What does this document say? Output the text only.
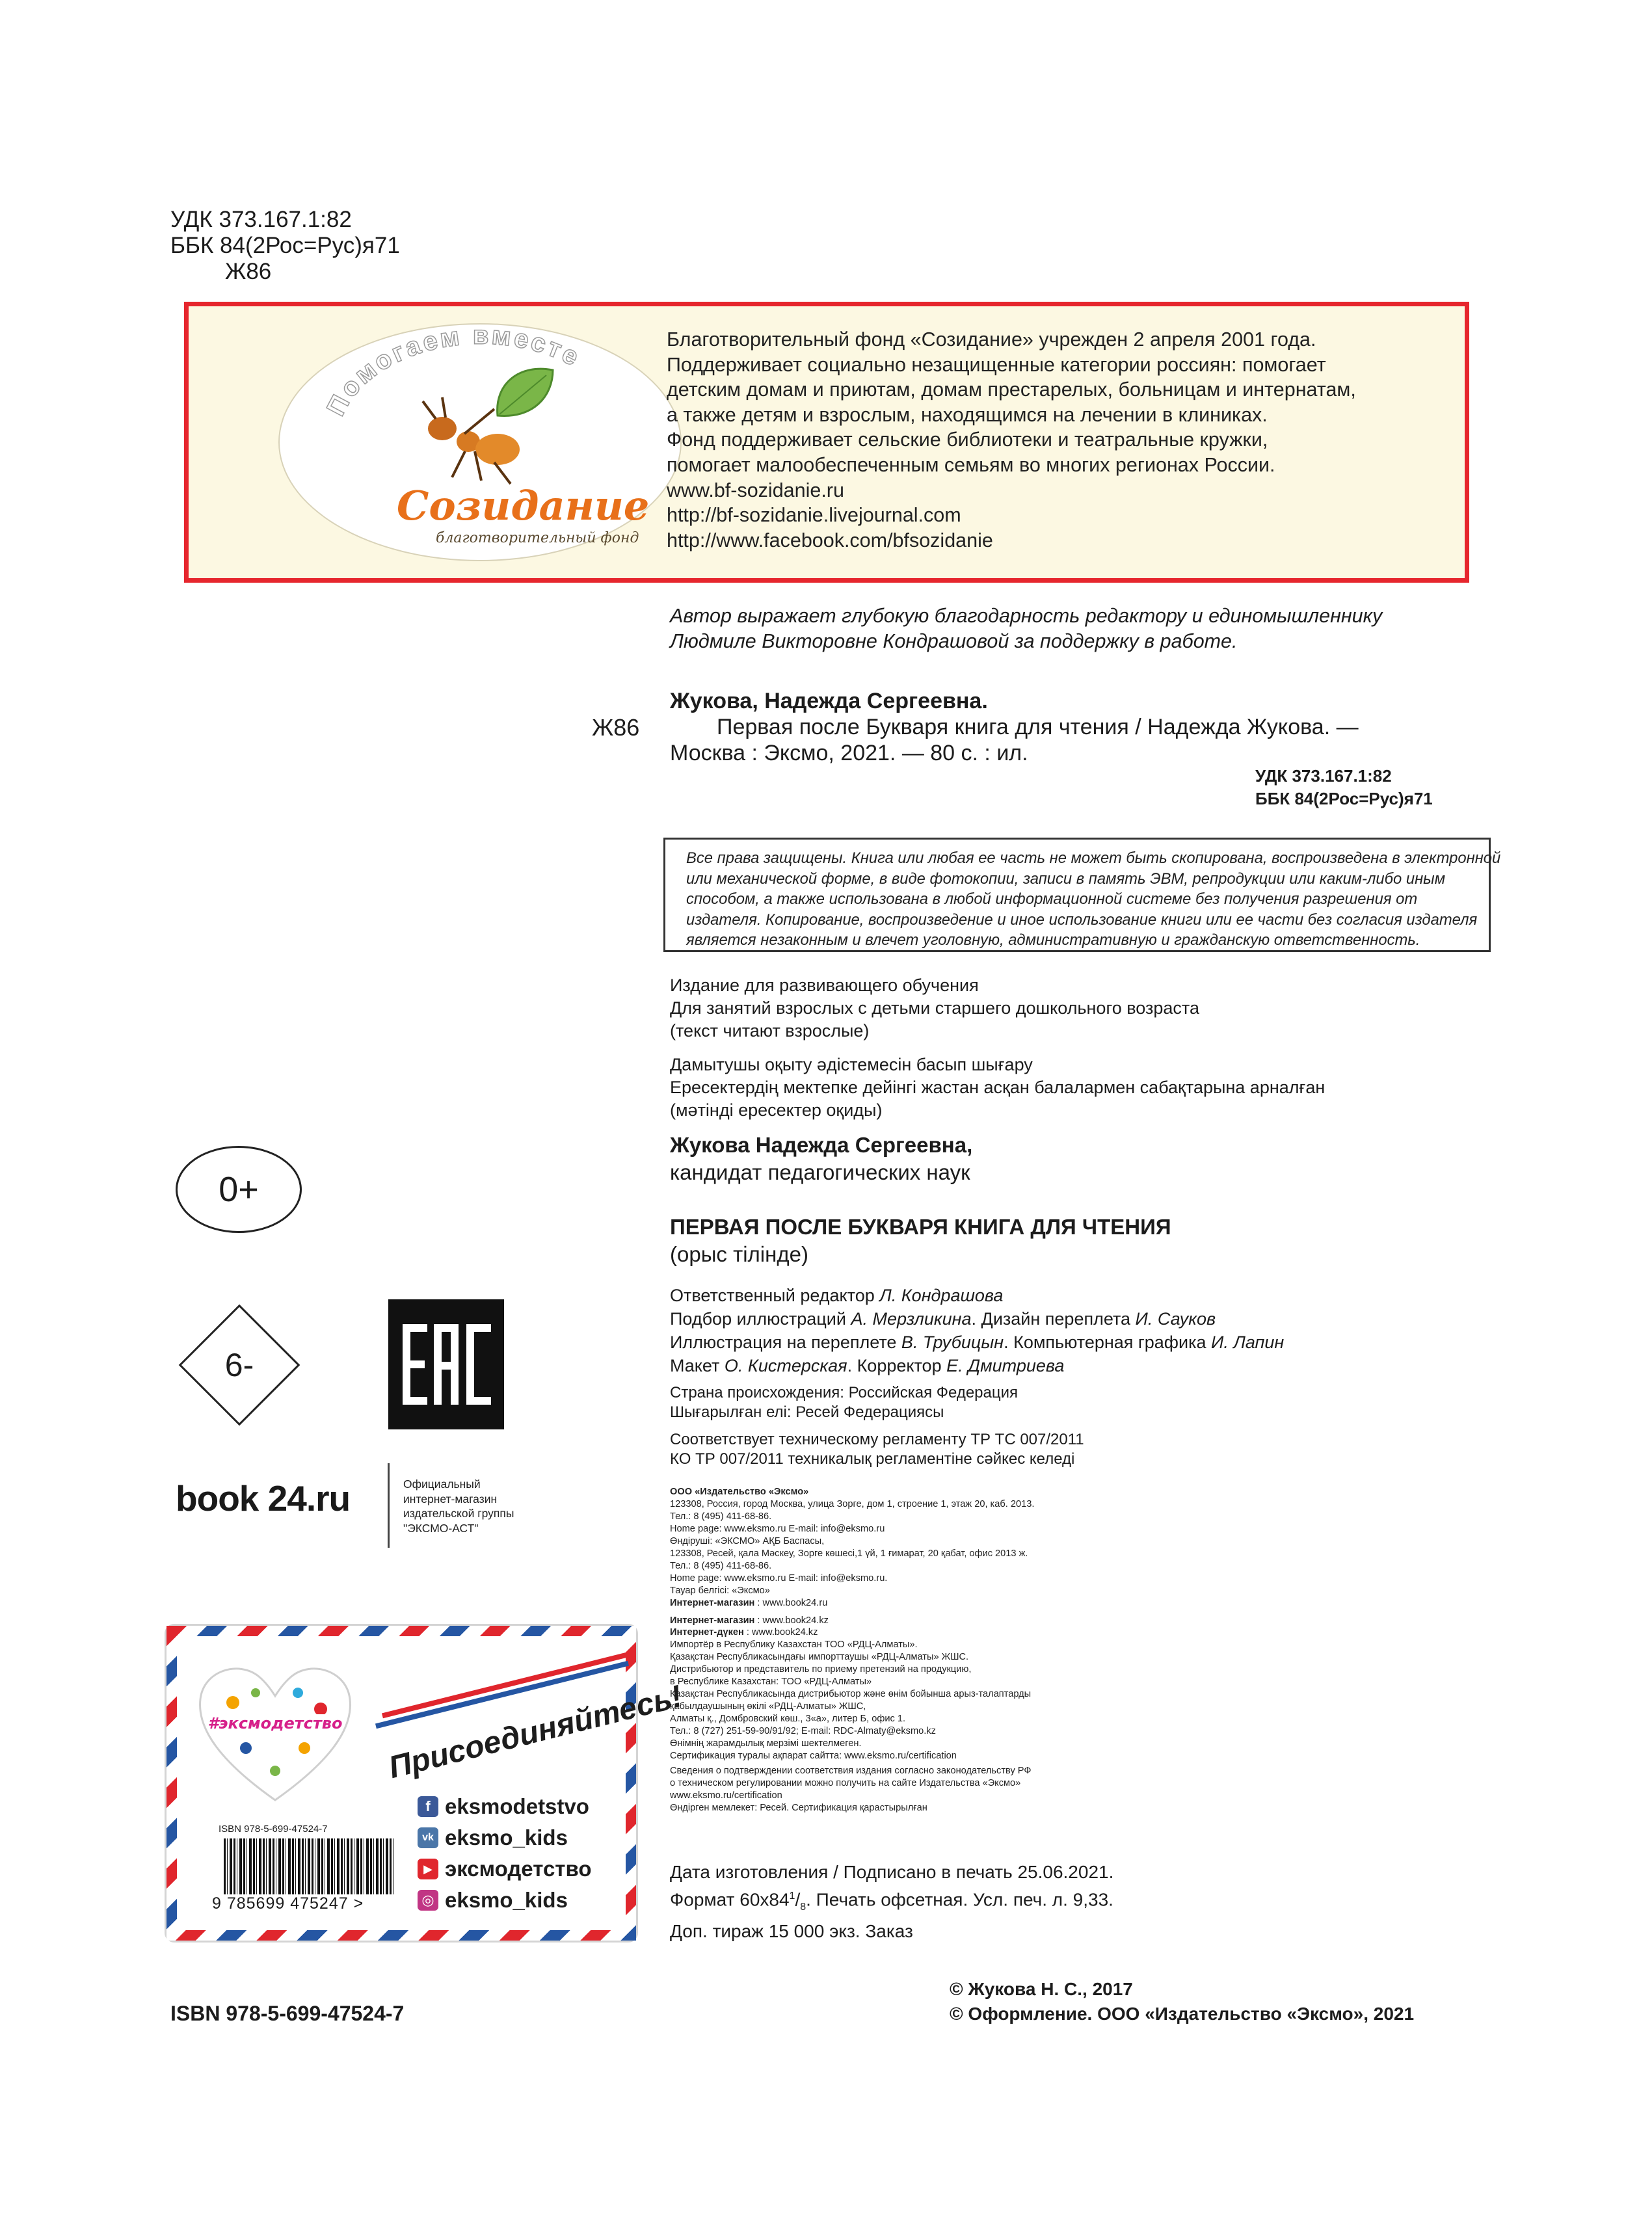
УДК 373.167.1:82
ББК 84(2Рос=Рус)я71
Ж86
Помогаем вместе
Созидание
благотворительный фонд
Благотворительный фонд «Созидание» учрежден 2 апреля 2001 года.
Поддерживает социально незащищенные категории россиян: помогает
детским домам и приютам, домам престарелых, больницам и интернатам,
а также детям и взрослым, находящимся на лечении в клиниках.
Фонд поддерживает сельские библиотеки и театральные кружки,
помогает малообеспеченным семьям во многих регионах России.
www.bf-sozidanie.ru
http://bf-sozidanie.livejournal.com
http://www.facebook.com/bfsozidanie
Автор выражает глубокую благодарность редактору и единомышленнику
Людмиле Викторовне Кондрашовой за поддержку в работе.
Ж86
Жукова, Надежда Сергеевна.
Первая после Букваря книга для чтения / Надежда Жукова. —
Москва : Эксмо, 2021. — 80 с. : ил.
УДК 373.167.1:82
ББК 84(2Рос=Рус)я71
Все права защищены. Книга или любая ее часть не может быть скопирована, воспроизведена в электронной
или механической форме, в виде фотокопии, записи в память ЭВМ, репродукции или каким-либо иным
способом, а также использована в любой информационной системе без получения разрешения от
издателя. Копирование, воспроизведение и иное использование книги или ее части без согласия издателя
является незаконным и влечет уголовную, административную и гражданскую ответственность.
Издание для развивающего обучения
Для занятий взрослых с детьми старшего дошкольного возраста
(текст читают взрослые)
Дамытушы оқыту әдістемесін басып шығару
Ересектердің мектепке дейінгі жастан асқан балалармен сабақтарына арналған
(мәтінді ересектер оқиды)
Жукова Надежда Сергеевна,
кандидат педагогических наук
ПЕРВАЯ ПОСЛЕ БУКВАРЯ КНИГА ДЛЯ ЧТЕНИЯ
(орыс тілінде)
Ответственный редактор Л. Кондрашова
Подбор иллюстраций А. Мерзликина. Дизайн переплета И. Сауков
Иллюстрация на переплете В. Трубицын. Компьютерная графика И. Лапин
Макет О. Кистерская. Корректор Е. Дмитриева
Страна происхождения: Российская Федерация
Шығарылған елі: Ресей Федерациясы
Соответствует техническому регламенту ТР ТС 007/2011
КО ТР 007/2011 техникалық регламентіне сәйкес келеді
ООО «Издательство «Эксмо»
123308, Россия, город Москва, улица Зорге, дом 1, строение 1, этаж 20, каб. 2013.
Тел.: 8 (495) 411-68-86.
Home page: www.eksmo.ru E-mail: info@eksmo.ru
Өндіруші: «ЭКСМО» АҚБ Баспасы,
123308, Ресей, қала Мәскеу, Зорге көшесі,1 үй, 1 ғимарат, 20 қабат, офис 2013 ж.
Тел.: 8 (495) 411-68-86.
Home page: www.eksmo.ru E-mail: info@eksmo.ru.
Тауар белгісі: «Эксмо»
Интернет-магазин : www.book24.ru
Интернет-магазин : www.book24.kz
Интернет-дүкен : www.book24.kz
Импортёр в Республику Казахстан ТОО «РДЦ-Алматы».
Қазақстан Республикасындағы импорттаушы «РДЦ-Алматы» ЖШС.
Дистрибьютор и представитель по приему претензий на продукцию,
в Республике Казахстан: ТОО «РДЦ-Алматы»
Қазақстан Республикасында дистрибьютор және өнім бойынша арыз-талаптарды
қабылдаушының өкілі «РДЦ-Алматы» ЖШС,
Алматы қ., Домбровский көш., 3«а», литер Б, офис 1.
Тел.: 8 (727) 251-59-90/91/92; E-mail: RDC-Almaty@eksmo.kz
Өнімнің жарамдылық мерзімі шектелмеген.
Сертификация туралы ақпарат сайтта: www.eksmo.ru/certification
Сведения о подтверждении соответствия издания согласно законодательству РФ
о техническом регулировании можно получить на сайте Издательства «Эксмо»
www.eksmo.ru/certification
Өндірген мемлекет: Ресей. Сертификация қарастырылған
Дата изготовления / Подписано в печать 25.06.2021.
Формат $60х84^1/_8$. Печать офсетная. Усл. печ. л. 9,33.
Доп. тираж 15 000 экз. Заказ
© Жукова Н. С., 2017
© Оформление. ООО «Издательство «Эксмо», 2021
ISBN 978-5-699-47524-7
0+
6-
book 24.ru	Официальный
интернет-магазин
издательской группы
"ЭКСМО-АСТ"
#эксмодетство Присоединяйтесь!
f eksmodetstvo
vk eksmo_kids
▶ эксмодетство
◎ eksmo_kids
ISBN 978-5-699-47524-7
9 785699 475247 >
